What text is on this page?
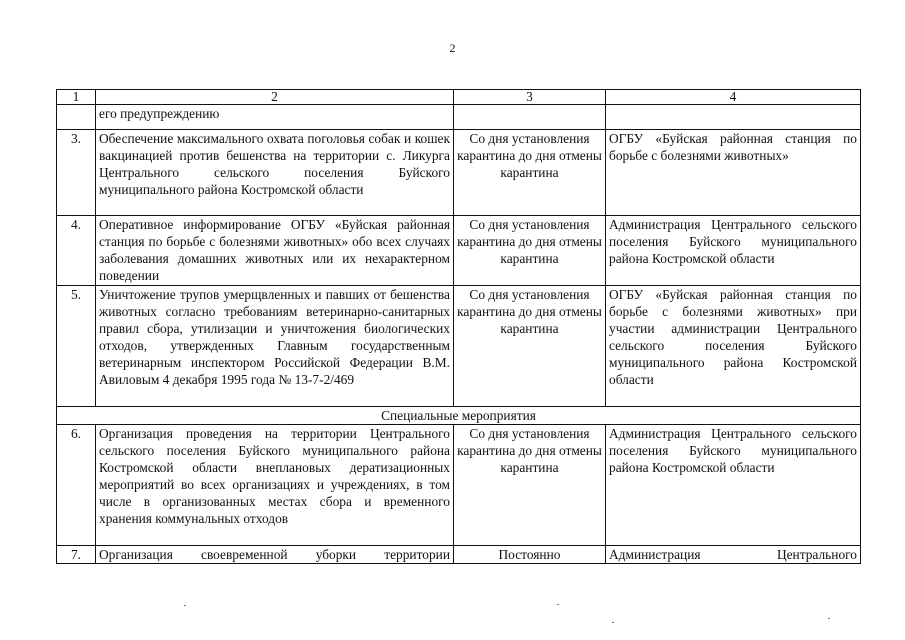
2
1	2	3	4
	его предупреждению		
3.	Обеспечение максимального охвата поголовья собак и кошек вакцинацией против бешенства на территории с. Ликурга Центрального сельского поселения Буйского муниципального района Костромской области	Со дня установления карантина до дня отмены карантина	ОГБУ «Буйская районная станция по борьбе с болезнями животных»
4.	Оперативное информирование ОГБУ «Буйская районная станция по борьбе с болезнями животных» обо всех случаях заболевания домашних животных или их нехарактерном поведении	Со дня установления карантина до дня отмены карантина	Администрация Центрального сельского поселения Буйского муниципального района Костромской области
5.	Уничтожение трупов умерщвленных и павших от бешенства животных согласно требованиям ветеринарно-санитарных правил сбора, утилизации и уничтожения биологических отходов, утвержденных Главным государственным ветеринарным инспектором Российской Федерации В.М. Авиловым 4 декабря 1995 года № 13-7-2/469	Со дня установления карантина до дня отмены карантина	ОГБУ «Буйская районная станция по борьбе с болезнями животных» при участии администрации Центрального сельского поселения Буйского муниципального района Костромской области
Специальные мероприятия			
6.	Организация проведения на территории Центрального сельского поселения Буйского муниципального района Костромской области внеплановых дератизационных мероприятий во всех организациях и учреждениях, в том числе в организованных местах сбора и временного хранения коммунальных отходов	Со дня установления карантина до дня отмены карантина	Администрация Центрального сельского поселения Буйского муниципального района Костромской области
7.	Организация своевременной уборки территории	Постоянно	Администрация Центрального
